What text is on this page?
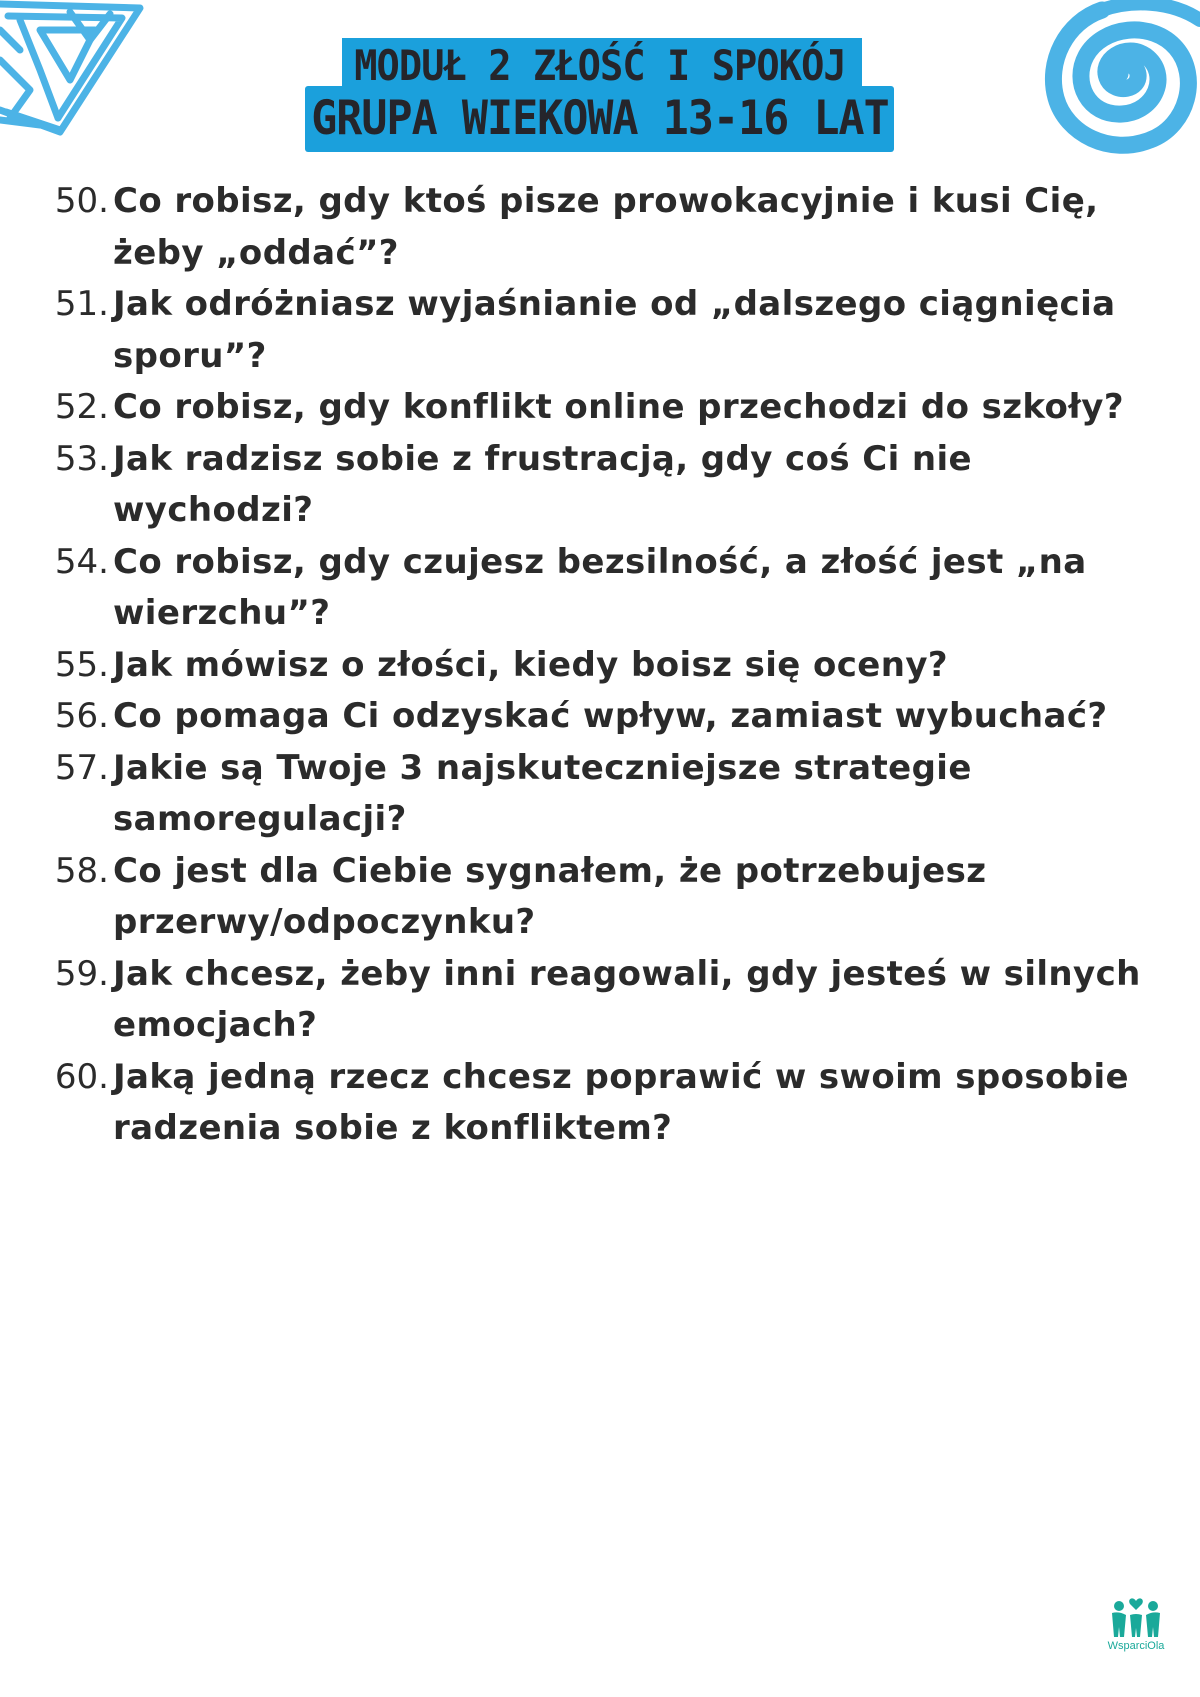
MODUŁ 2 ZŁOŚĆ I SPOKÓJ
GRUPA WIEKOWA 13-16 LAT
50. Co robisz, gdy ktoś pisze prowokacyjnie i kusi Cię,
żeby „oddać”?
51. Jak odróżniasz wyjaśnianie od „dalszego ciągnięcia
sporu”?
52. Co robisz, gdy konflikt online przechodzi do szkoły?
53. Jak radzisz sobie z frustracją, gdy coś Ci nie
wychodzi?
54. Co robisz, gdy czujesz bezsilność, a złość jest „na
wierzchu”?
55. Jak mówisz o złości, kiedy boisz się oceny?
56. Co pomaga Ci odzyskać wpływ, zamiast wybuchać?
57. Jakie są Twoje 3 najskuteczniejsze strategie
samoregulacji?
58. Co jest dla Ciebie sygnałem, że potrzebujesz
przerwy/odpoczynku?
59. Jak chcesz, żeby inni reagowali, gdy jesteś w silnych
emocjach?
60. Jaką jedną rzecz chcesz poprawić w swoim sposobie
radzenia sobie z konfliktem?
WsparciOla
